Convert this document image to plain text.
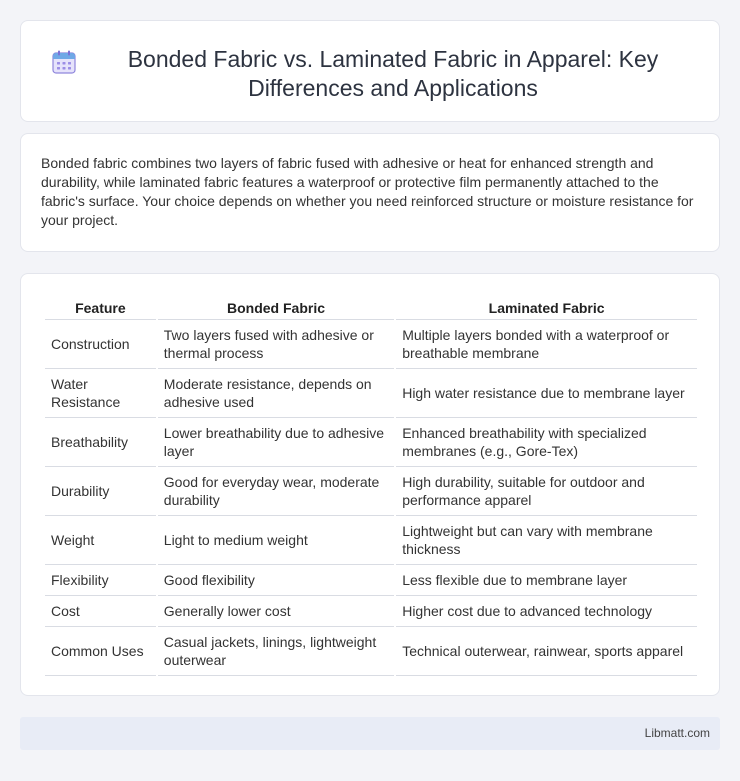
Bonded Fabric vs. Laminated Fabric in Apparel: Key Differences and Applications

Bonded fabric combines two layers of fabric fused with adhesive or heat for enhanced strength and durability, while laminated fabric features a waterproof or protective film permanently attached to the fabric's surface. Your choice depends on whether you need reinforced structure or moisture resistance for your project.

Feature	Bonded Fabric	Laminated Fabric
Construction	Two layers fused with adhesive or thermal process	Multiple layers bonded with a waterproof or breathable membrane
Water Resistance	Moderate resistance, depends on adhesive used	High water resistance due to membrane layer
Breathability	Lower breathability due to adhesive layer	Enhanced breathability with specialized membranes (e.g., Gore-Tex)
Durability	Good for everyday wear, moderate durability	High durability, suitable for outdoor and performance apparel
Weight	Light to medium weight	Lightweight but can vary with membrane thickness
Flexibility	Good flexibility	Less flexible due to membrane layer
Cost	Generally lower cost	Higher cost due to advanced technology
Common Uses	Casual jackets, linings, lightweight outerwear	Technical outerwear, rainwear, sports apparel
Libmatt.com
